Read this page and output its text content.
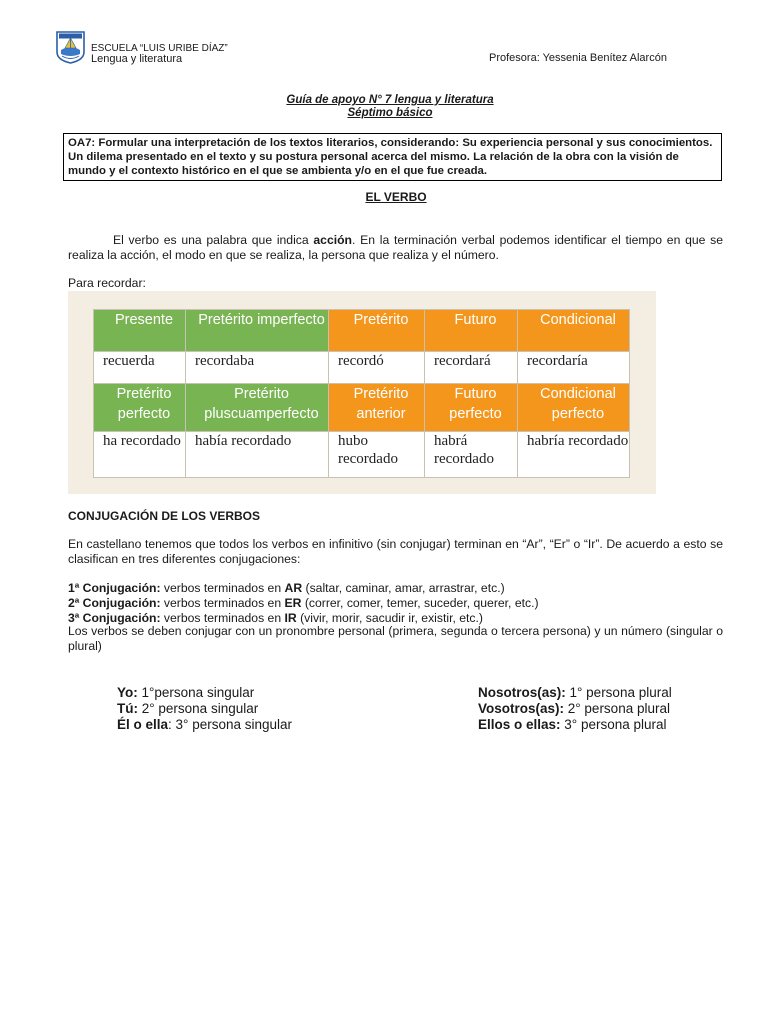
ESCUELA “LUIS URIBE DÍAZ”
Lengua y literatura	Profesora: Yessenia Benítez Alarcón
Guía de apoyo N° 7 lengua y literatura
Séptimo básico
OA7: Formular una interpretación de los textos literarios, considerando: Su experiencia personal y sus conocimientos. Un dilema presentado en el texto y su postura personal acerca del mismo. La relación de la obra con la visión de mundo y el contexto histórico en el que se ambienta y/o en el que fue creada.
EL VERBO
El verbo es una palabra que indica acción. En la terminación verbal podemos identificar el tiempo en que se realiza la acción, el modo en que se realiza, la persona que realiza y el número.
Para recordar:
Presente	Pretérito imperfecto	Pretérito	Futuro	Condicional
recuerda	recordaba	recordó	recordará	recordaría
Pretérito perfecto	Pretérito pluscuamperfecto	Pretérito anterior	Futuro perfecto	Condicional perfecto
ha recordado	había recordado	hubo recordado	habrá recordado	habría recordado
CONJUGACIÓN DE LOS VERBOS
En castellano tenemos que todos los verbos en infinitivo (sin conjugar) terminan en “Ar”, “Er” o “Ir”. De acuerdo a esto se clasifican en tres diferentes conjugaciones:
1ª Conjugación: verbos terminados en AR (saltar, caminar, amar, arrastrar, etc.)
2ª Conjugación: verbos terminados en ER (correr, comer, temer, suceder, querer, etc.)
3ª Conjugación: verbos terminados en IR (vivir, morir, sacudir ir, existir, etc.)
Los verbos se deben conjugar con un pronombre personal (primera, segunda o tercera persona) y un número (singular o plural)
Yo: 1°persona singular
Tú: 2° persona singular
Él o ella: 3° persona singular
Nosotros(as): 1° persona plural
Vosotros(as): 2° persona plural
Ellos o ellas: 3° persona plural
